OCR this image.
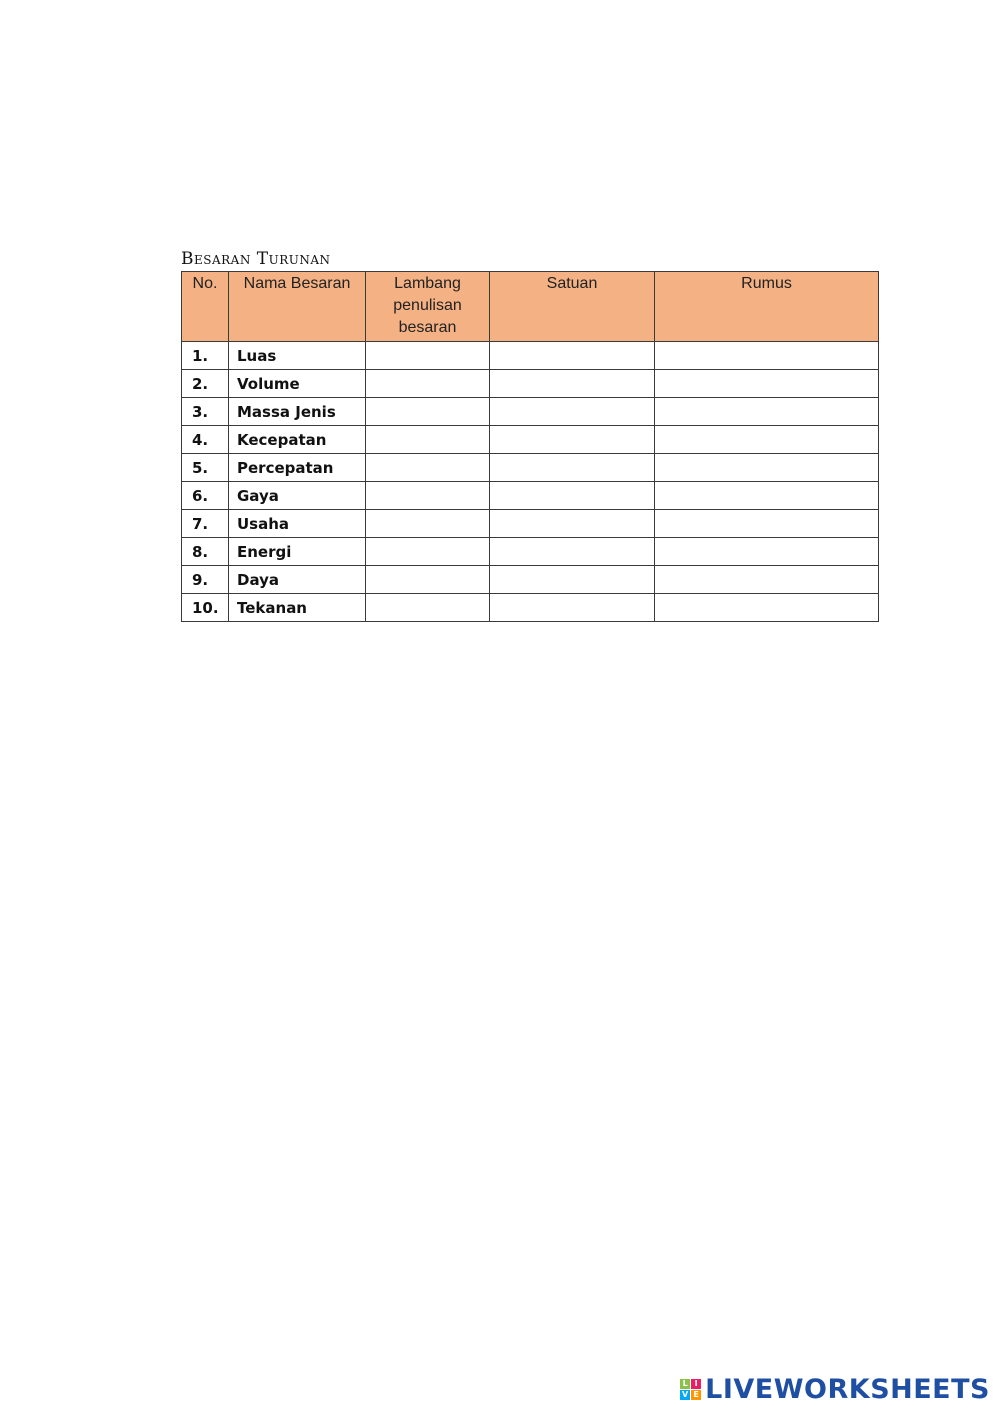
Besaran Turunan
No.	Nama Besaran	Lambang penulisan besaran	Satuan	Rumus
1.	Luas			
2.	Volume			
3.	Massa Jenis			
4.	Kecepatan			
5.	Percepatan			
6.	Gaya			
7.	Usaha			
8.	Energi			
9.	Daya			
10.	Tekanan			
L I
V E LIVEWORKSHEETS
